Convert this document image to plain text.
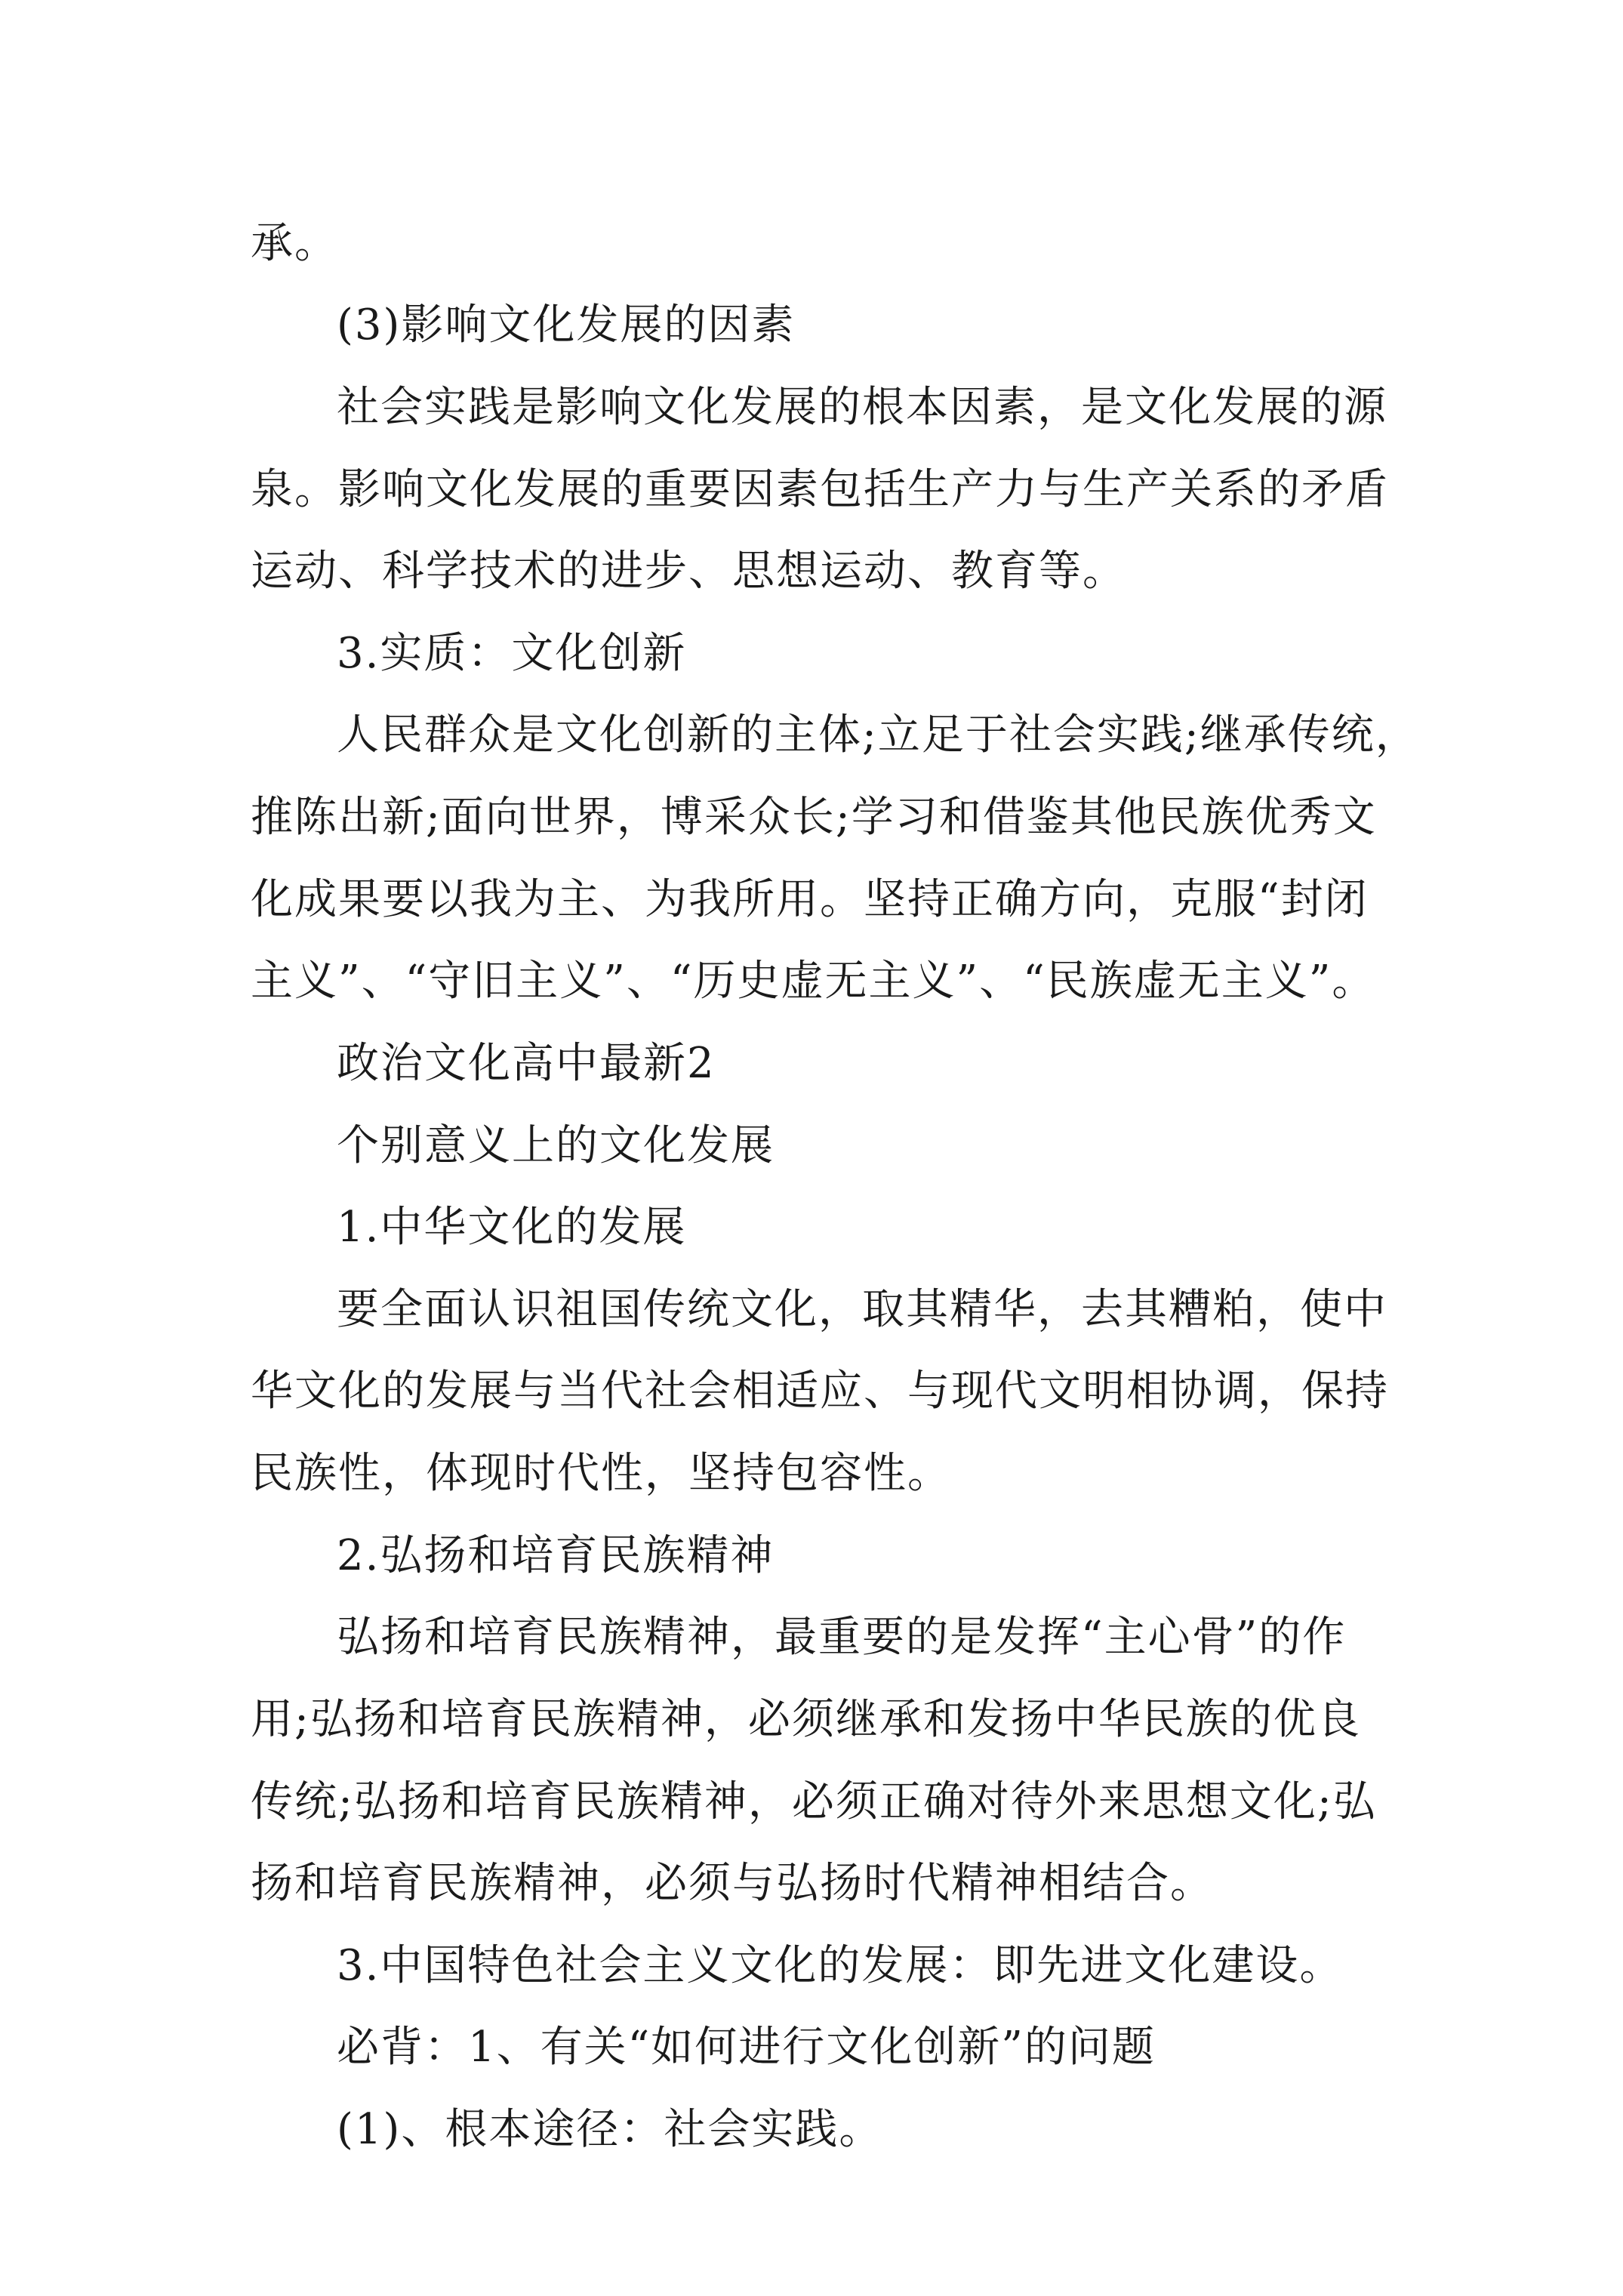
承。
(3)影响文化发展的因素
社会实践是影响文化发展的根本因素，是文化发展的源
泉。影响文化发展的重要因素包括生产力与生产关系的矛盾
运动、科学技术的进步、思想运动、教育等。
3.实质：文化创新
人民群众是文化创新的主体;立足于社会实践;继承传统，
推陈出新;面向世界，博采众长;学习和借鉴其他民族优秀文
化成果要以我为主、为我所用。坚持正确方向，克服“封闭
主义”、“守旧主义”、“历史虚无主义”、“民族虚无主义”。
政治文化高中最新2
个别意义上的文化发展
1.中华文化的发展
要全面认识祖国传统文化，取其精华，去其糟粕，使中
华文化的发展与当代社会相适应、与现代文明相协调，保持
民族性，体现时代性，坚持包容性。
2.弘扬和培育民族精神
弘扬和培育民族精神，最重要的是发挥“主心骨”的作
用;弘扬和培育民族精神，必须继承和发扬中华民族的优良
传统;弘扬和培育民族精神，必须正确对待外来思想文化;弘
扬和培育民族精神，必须与弘扬时代精神相结合。
3.中国特色社会主义文化的发展：即先进文化建设。
必背：1、有关“如何进行文化创新”的问题
(1)、根本途径：社会实践。
